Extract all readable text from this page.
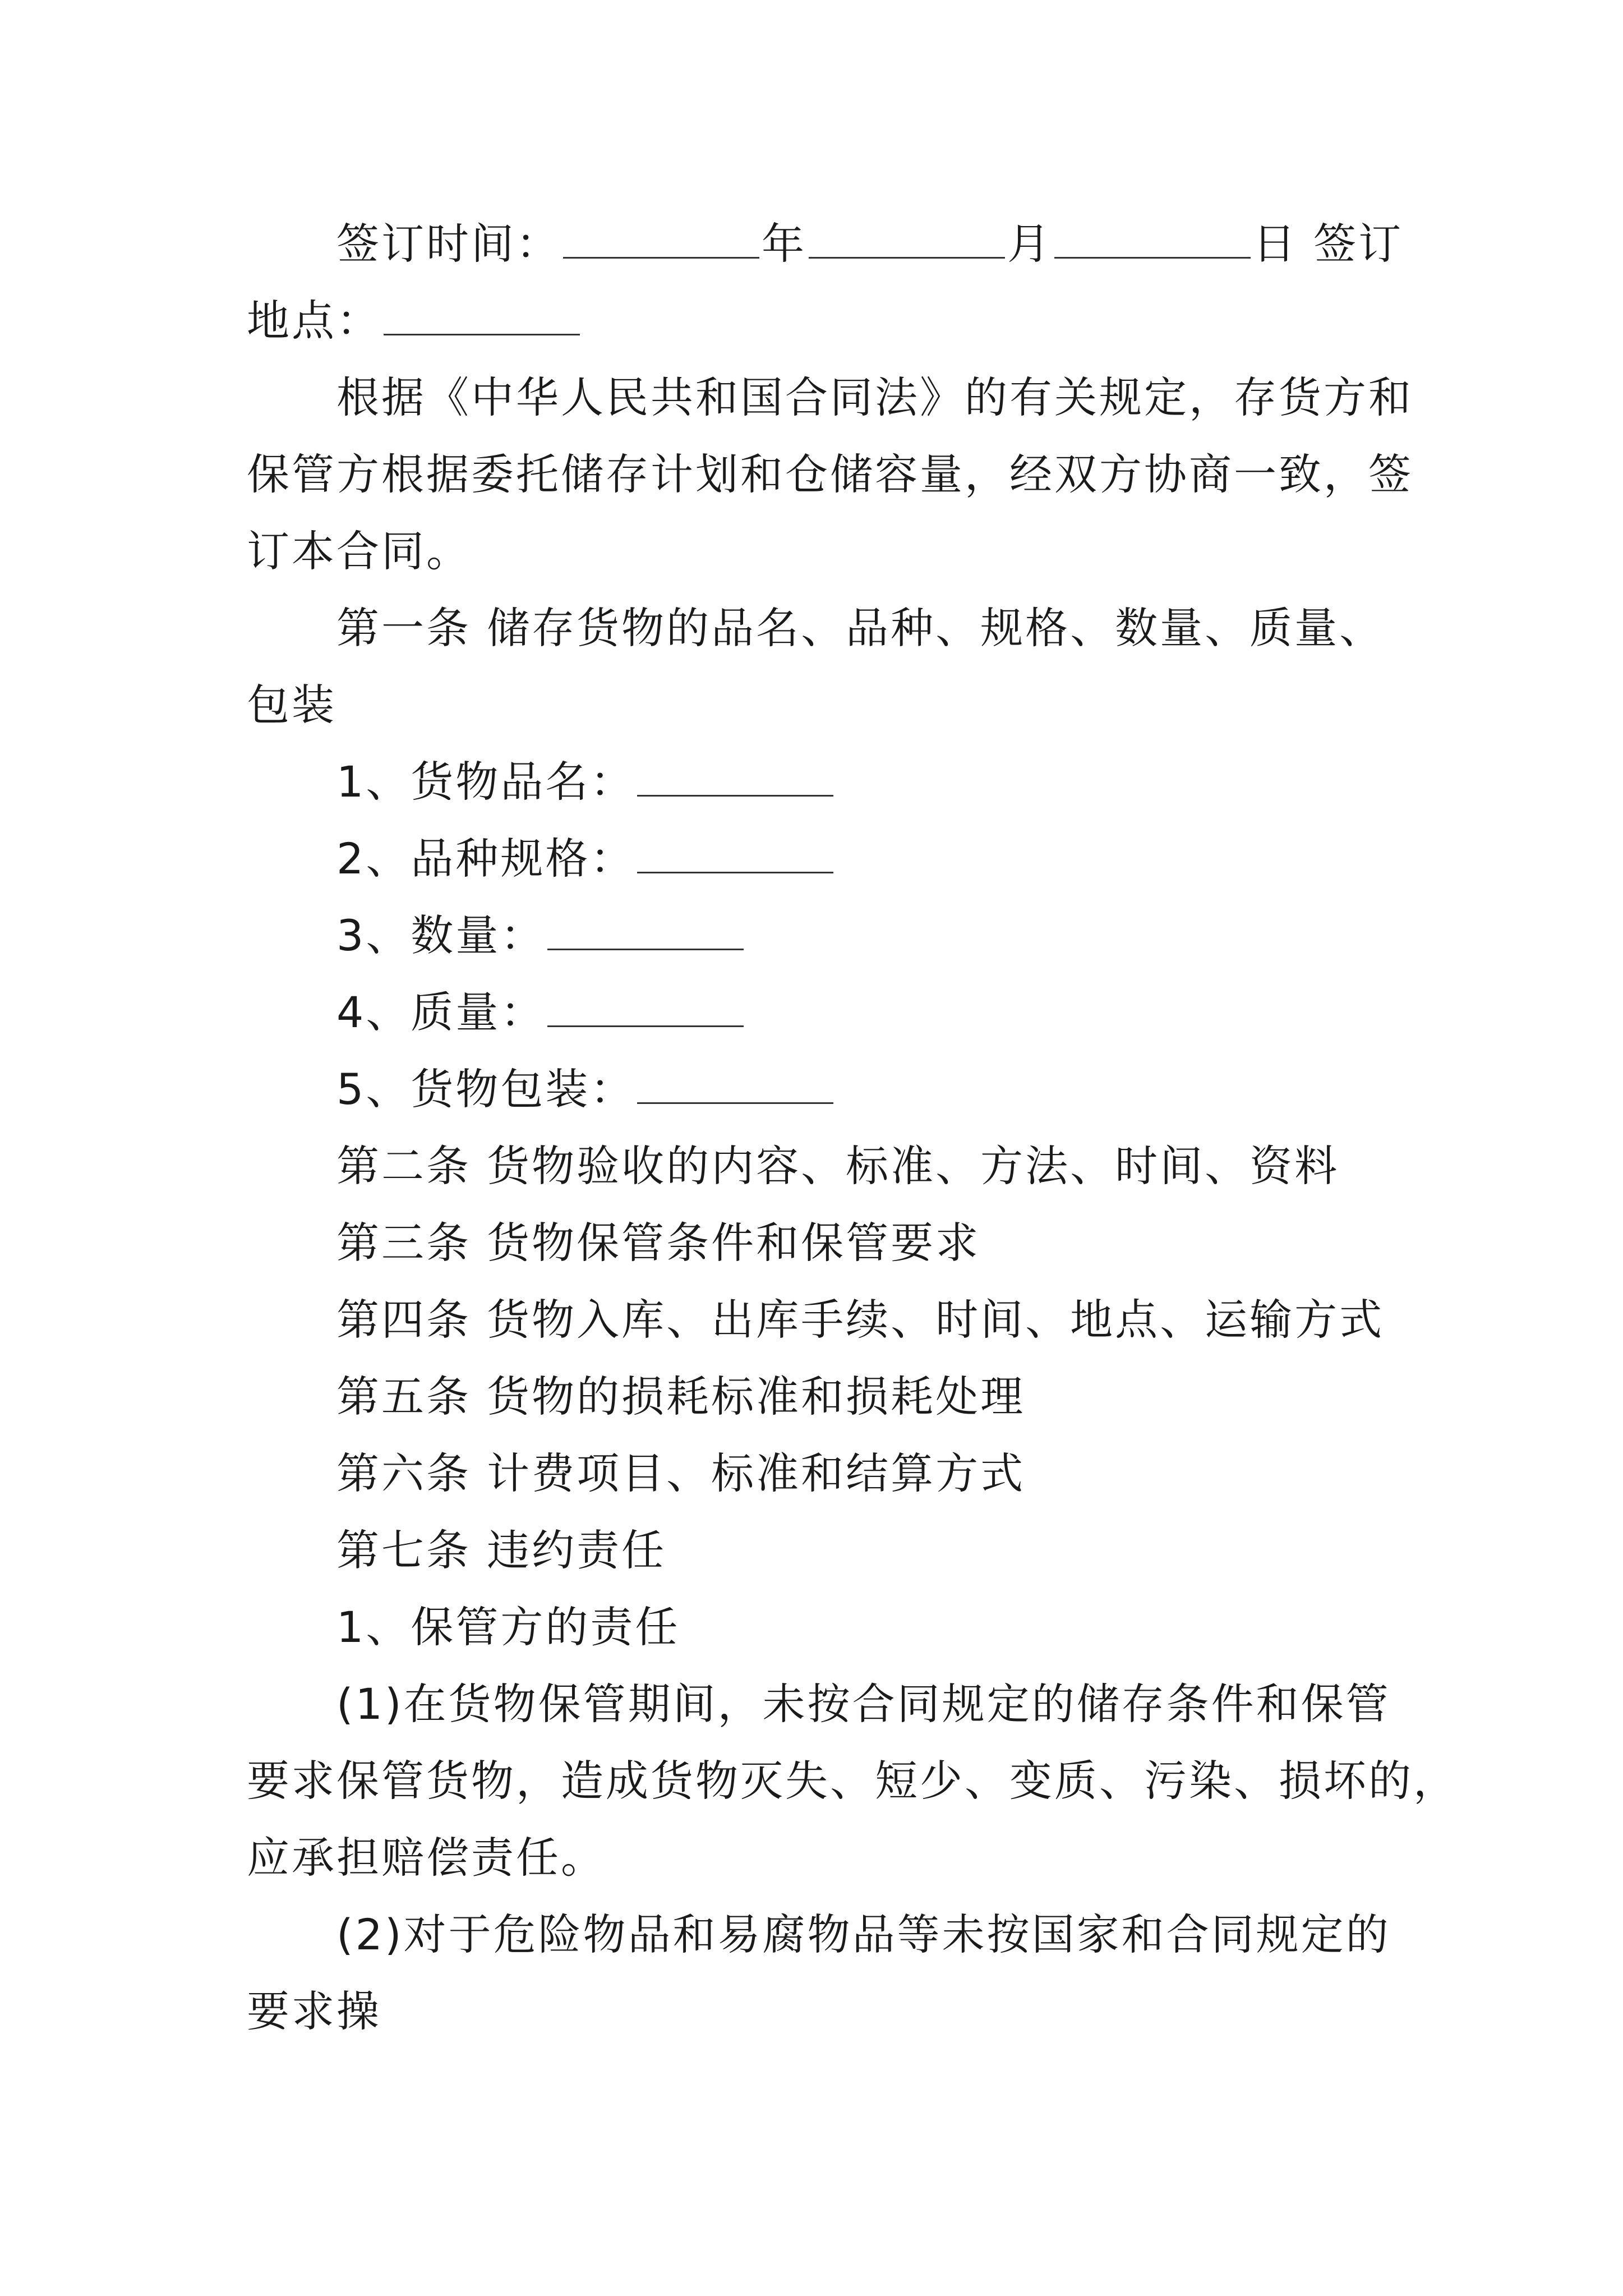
签订时间：	年	月	日 签订
地点：
根据《中华人民共和国合同法》的有关规定，存货方和
保管方根据委托储存计划和仓储容量，经双方协商一致，签
订本合同。
第一条 储存货物的品名、品种、规格、数量、质量、
包装
1、货物品名：
2、品种规格：
3、数量：
4、质量：
5、货物包装：
第二条 货物验收的内容、标准、方法、时间、资料
第三条 货物保管条件和保管要求
第四条 货物入库、出库手续、时间、地点、运输方式
第五条 货物的损耗标准和损耗处理
第六条 计费项目、标准和结算方式
第七条 违约责任
1、保管方的责任
(1)在货物保管期间，未按合同规定的储存条件和保管
要求保管货物，造成货物灭失、短少、变质、污染、损坏的，
应承担赔偿责任。
(2)对于危险物品和易腐物品等未按国家和合同规定的
要求操
